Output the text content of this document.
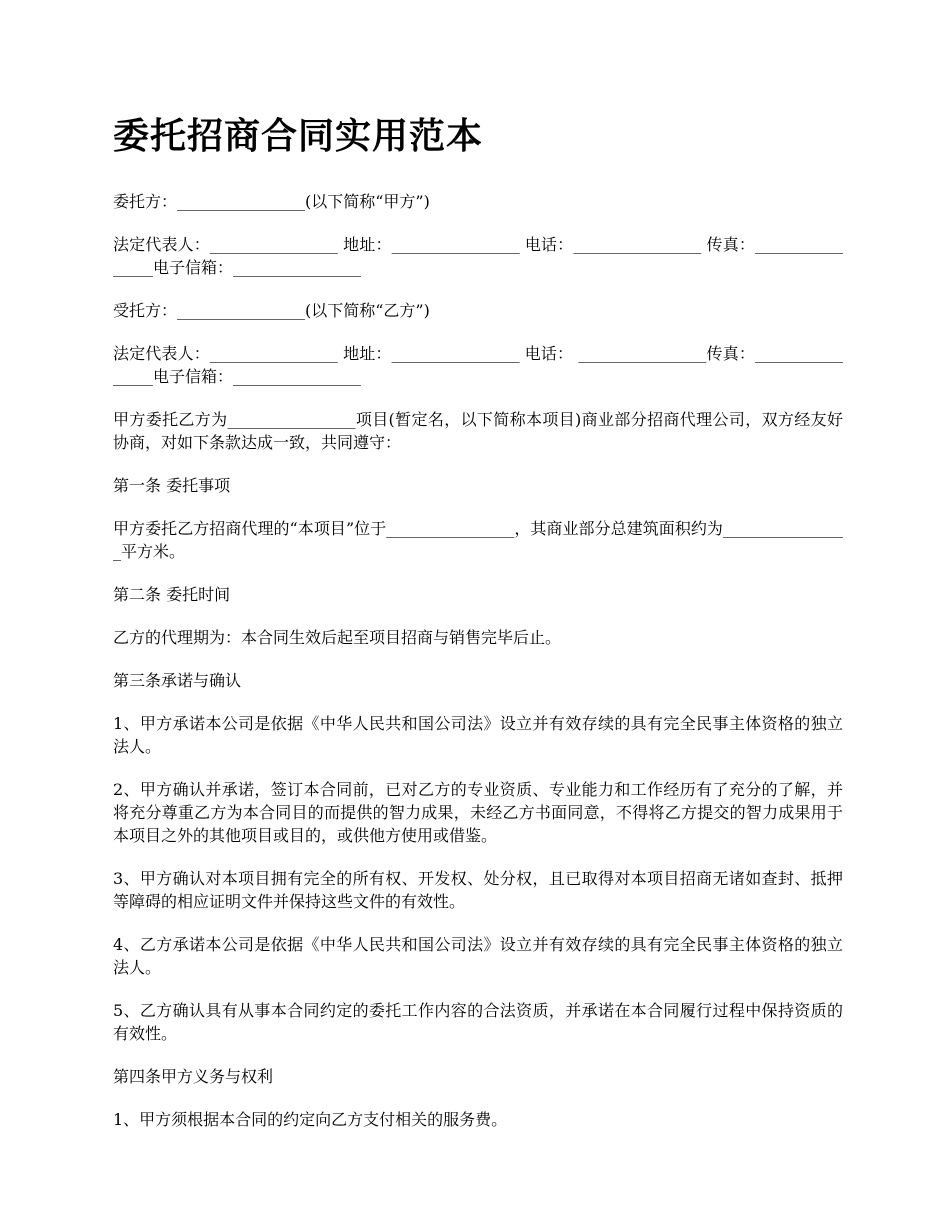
委托招商合同实用范本

委托方：________________(以下简称“甲方”)

法定代表人：________________ 地址：________________ 电话：________________ 传真：________________电子信箱：________________

受托方：________________(以下简称“乙方”)

法定代表人：________________ 地址：________________ 电话： ________________传真：________________电子信箱：________________

甲方委托乙方为________________项目(暂定名，以下简称本项目)商业部分招商代理公司，双方经友好协商，对如下条款达成一致，共同遵守：

第一条 委托事项

甲方委托乙方招商代理的“本项目”位于________________，其商业部分总建筑面积约为________________平方米。

第二条 委托时间

乙方的代理期为：本合同生效后起至项目招商与销售完毕后止。

第三条承诺与确认

1、甲方承诺本公司是依据《中华人民共和国公司法》设立并有效存续的具有完全民事主体资格的独立法人。

2、甲方确认并承诺，签订本合同前，已对乙方的专业资质、专业能力和工作经历有了充分的了解，并将充分尊重乙方为本合同目的而提供的智力成果，未经乙方书面同意，不得将乙方提交的智力成果用于本项目之外的其他项目或目的，或供他方使用或借鉴。

3、甲方确认对本项目拥有完全的所有权、开发权、处分权，且已取得对本项目招商无诸如查封、抵押等障碍的相应证明文件并保持这些文件的有效性。

4、乙方承诺本公司是依据《中华人民共和国公司法》设立并有效存续的具有完全民事主体资格的独立法人。

5、乙方确认具有从事本合同约定的委托工作内容的合法资质，并承诺在本合同履行过程中保持资质的有效性。

第四条甲方义务与权利

1、甲方须根据本合同的约定向乙方支付相关的服务费。
